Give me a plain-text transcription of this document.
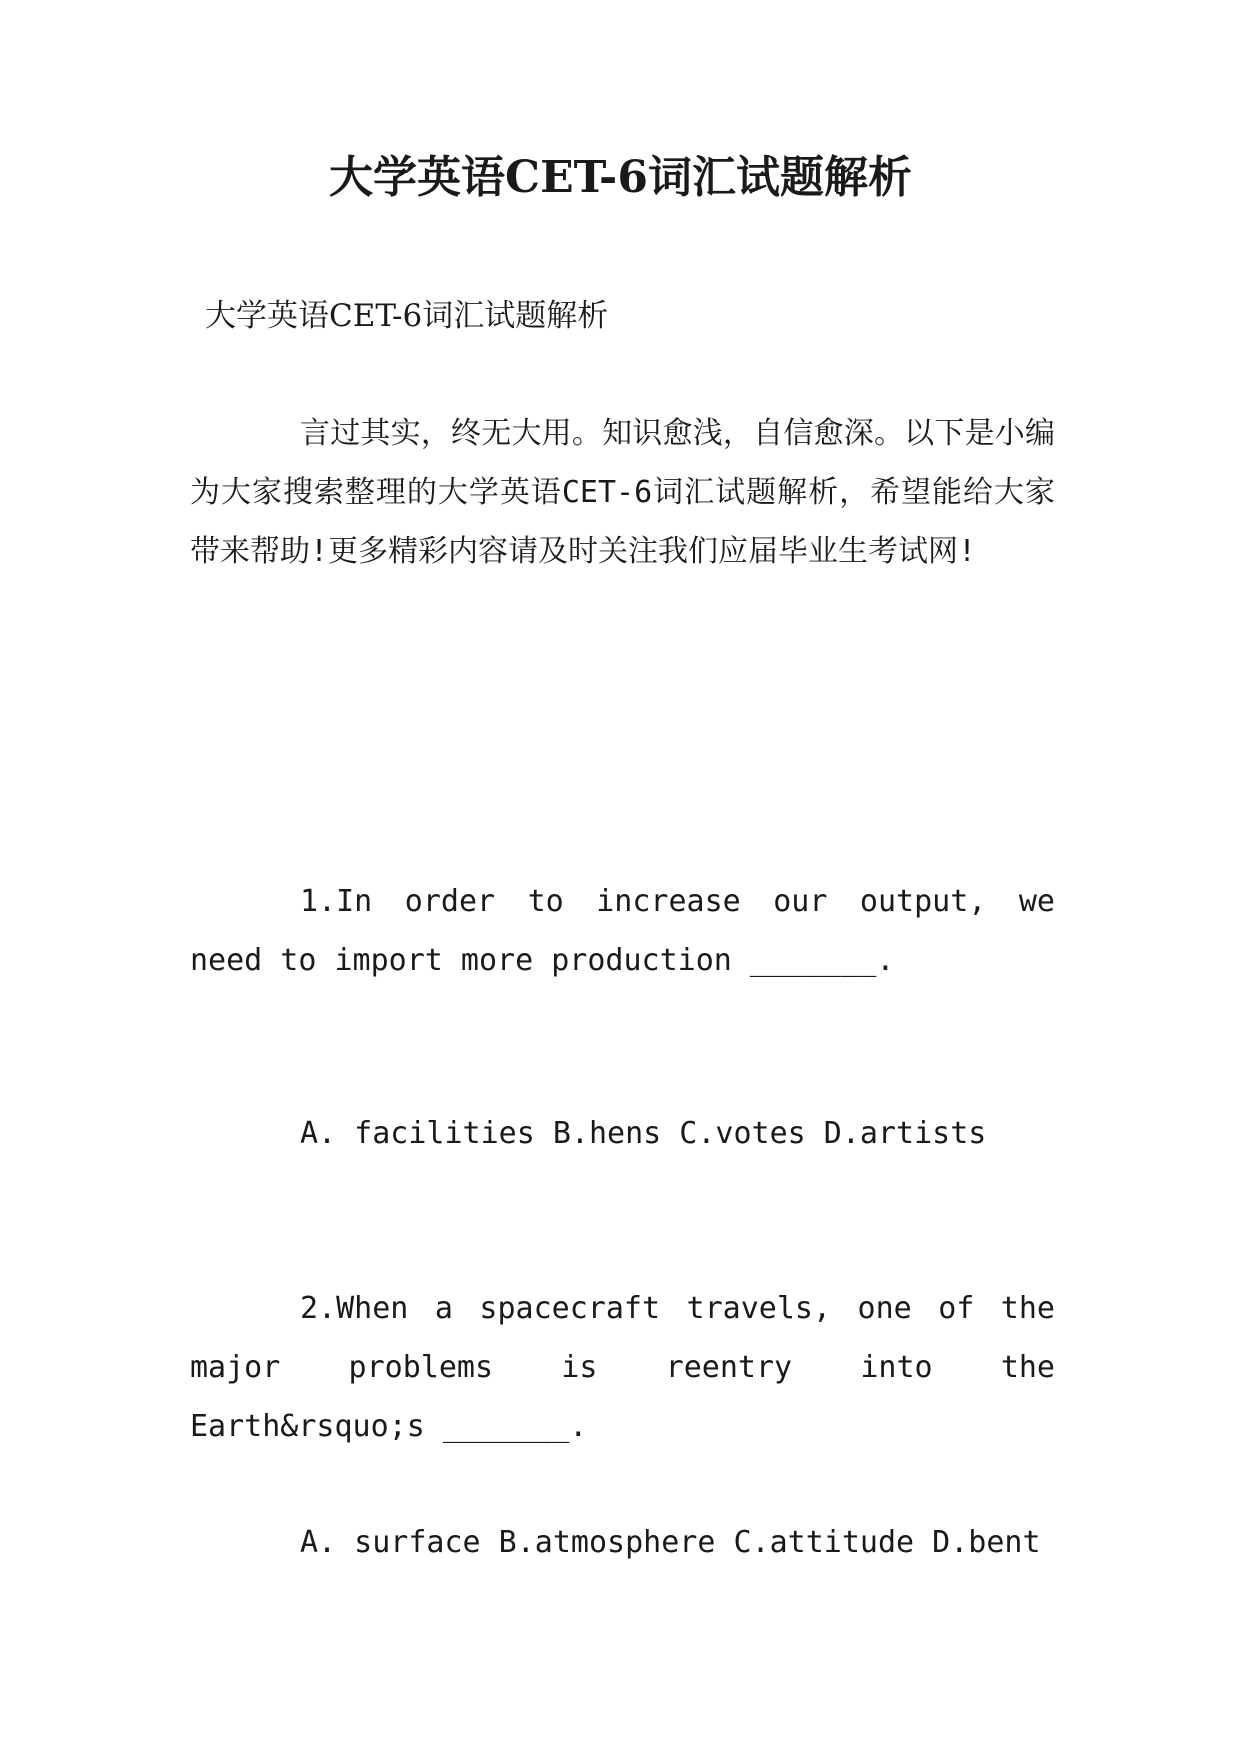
大学英语CET-6词汇试题解析
大学英语CET-6词汇试题解析

言过其实，终无大用。知识愈浅，自信愈深。以下是小编为大家搜索整理的大学英语CET-6词汇试题解析，希望能给大家带来帮助!更多精彩内容请及时关注我们应届毕业生考试网!

1.In order to increase our output, we need to import more production _______.

A. facilities B.hens C.votes D.artists

2.When a spacecraft travels, one of the major problems is reentry into the Earth&rsquo;s _______.

A. surface B.atmosphere C.attitude D.bent
